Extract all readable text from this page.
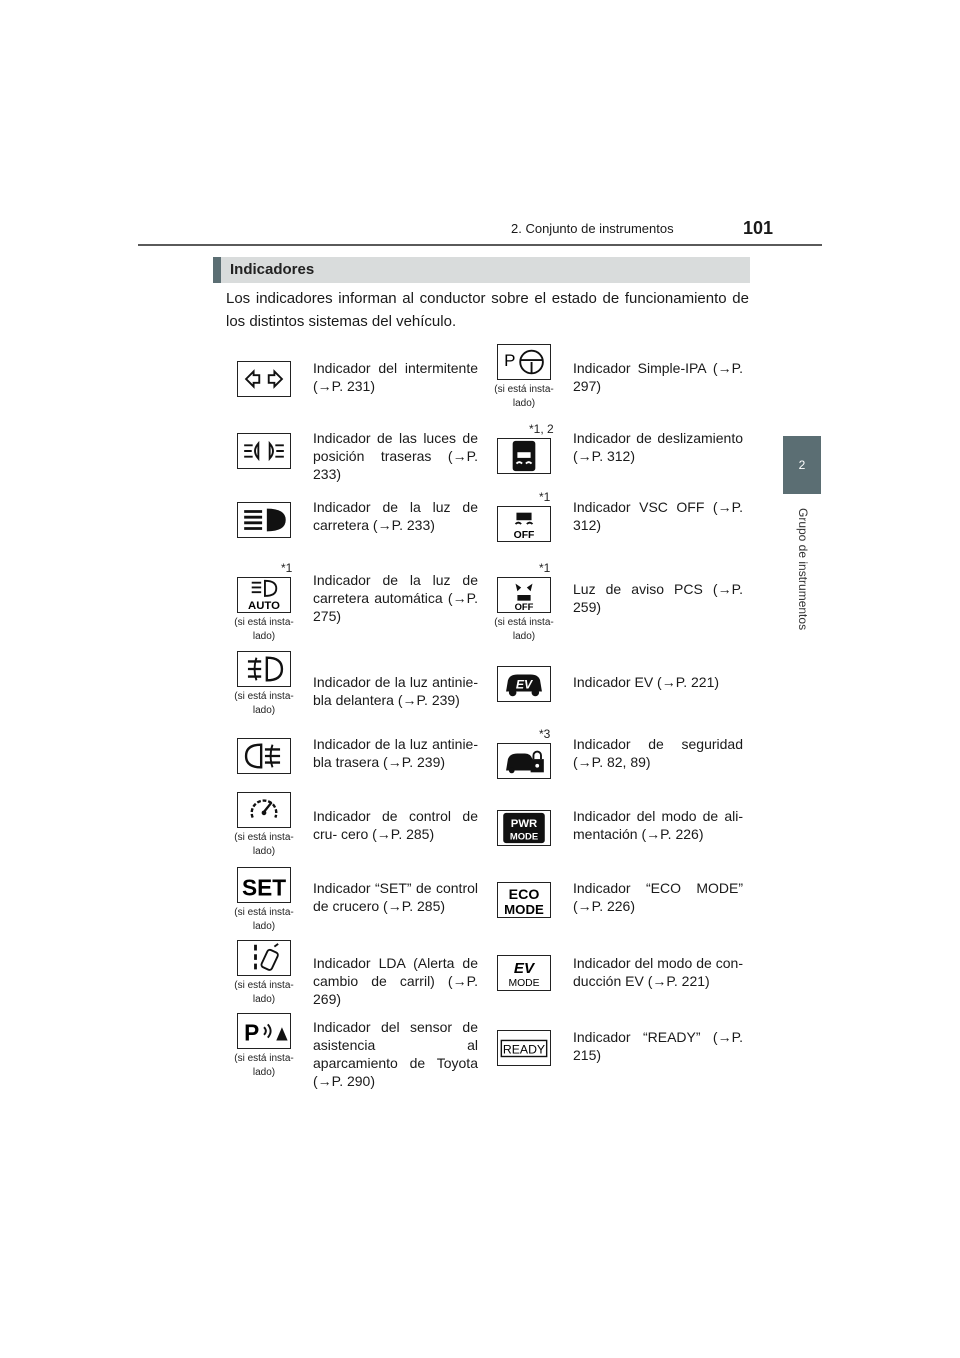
2. Conjunto de instrumentos	101
2
Grupo de instrumentos
Indicadores
Los indicadores informan al conductor sobre el estado de funcionamiento de los distintos sistemas del vehículo.
Indicador del intermitente (→P. 231)
Indicador de las luces de posición traseras (→P. 233)
Indicador de la luz de carretera (→P. 233)
*1
AUTO
(si está insta- lado)
Indicador de la luz de carretera automática (→P. 275)
(si está insta- lado)
Indicador de la luz antinie- bla delantera (→P. 239)
Indicador de la luz antinie- bla trasera (→P. 239)
(si está insta- lado)
Indicador de control de cru- cero (→P. 285)
SET
(si está insta- lado)
Indicador “SET” de control de crucero (→P. 285)
(si está insta- lado)
Indicador LDA (Alerta de cambio de carril) (→P. 269)
P
(si está insta- lado)
Indicador del sensor de asistencia al aparcamiento de Toyota (→P. 290)
P
(si está insta- lado)
Indicador Simple-IPA (→P. 297)
*1, 2
Indicador de deslizamiento (→P. 312)
*1
OFF
Indicador VSC OFF (→P. 312)
*1
OFF
(si está insta- lado)
Luz de aviso PCS (→P. 259)
EV	Indicador EV (→P. 221)
*3
Indicador de seguridad (→P. 82, 89)
PWR
MODE
Indicador del modo de ali- mentación (→P. 226)
ECO
MODE
Indicador “ECO MODE” (→P. 226)
EV
MODE
Indicador del modo de con- ducción EV (→P. 221)
READY
Indicador “READY” (→P. 215)
